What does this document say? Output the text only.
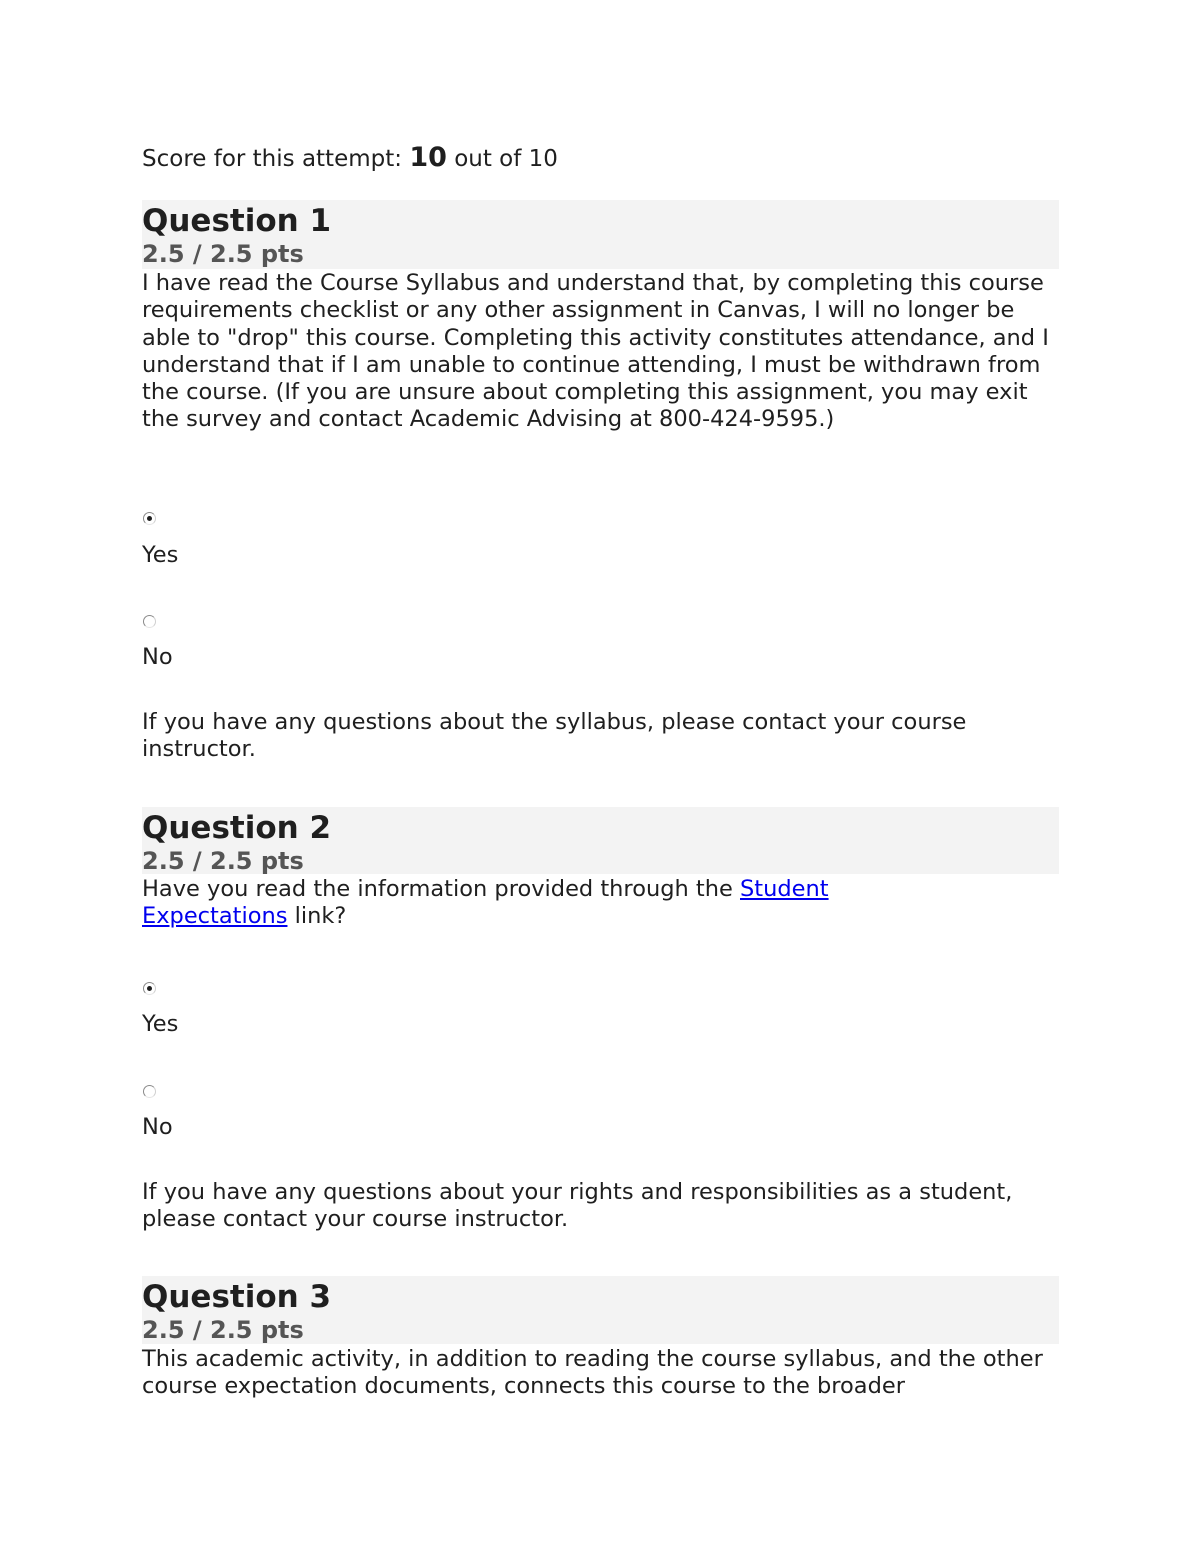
Score for this attempt: 10 out of 10
Question 1
2.5 / 2.5 pts
I have read the Course Syllabus and understand that, by completing this course requirements checklist or any other assignment in Canvas, I will no longer be able to "drop" this course. Completing this activity constitutes attendance, and I understand that if I am unable to continue attending, I must be withdrawn from the course. (If you are unsure about completing this assignment, you may exit the survey and contact Academic Advising at 800-424-9595.)
Yes
No
If you have any questions about the syllabus, please contact your course instructor.
Question 2
2.5 / 2.5 pts
Have you read the information provided through the Student Expectations link?
Yes
No
If you have any questions about your rights and responsibilities as a student, please contact your course instructor.
Question 3
2.5 / 2.5 pts
This academic activity, in addition to reading the course syllabus, and the other course expectation documents, connects this course to the broader
